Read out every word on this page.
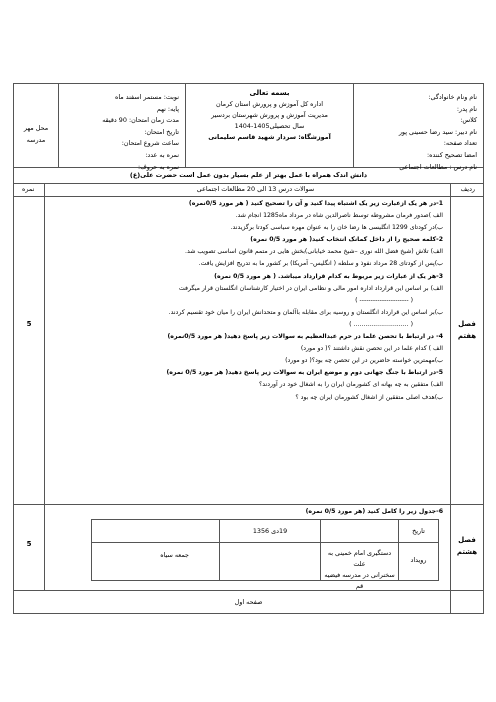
نام ونام خانوادگی:
نام پدر:
کلاس:
نام دبیر: سید رضا حسینی پور
تعداد صفحه:
امضا تصحیح کننده:
نام درس : مطالعات اجتماعی
بسمه تعالی
اداره کل آموزش و پرورش استان کرمان
مدیریت آموزش و پرورش شهرستان بردسیر
سال تحصیلی1405-1404
آموزشگاه: سردار شهید قاسم سلیمانی
نوبت: مستمر اسفند ماه
پایه: نهم
مدت زمان امتحان: 90 دقیقه
تاریخ امتحان:
ساعت شروع امتحان:
نمره به عدد:
نمره به حروف:
محل مهر
مدرسه
دانش اندک همراه با عمل بهتر از علم بسیار بدون عمل است حضرت علی(ع)
ردیف
سوالات درس 13 الی 20 مطالعات اجتماعی
نمره
فصل
هفتم
5
1-در هر یک ازعبارت زیر یک اشتباه پیدا کنید و آن را تصحیح کنید ( هر مورد 0/5نمره)
الف )صدور فرمان مشروطه توسط ناصرالدین شاه در مرداد ماه1285 انجام شد.
ب)در کودتای 1299 انگلیسی ها رضا خان را به عنوان مهره سیاسی کودتا برگزیدند.
2-کلمه صحیح را از داخل کمانک انتخاب کنید( هر مورد 0/5 نمره)
الف) تلاش (شیخ فضل الله نوری –شیخ محمد خیابانی)بخش هایی در متمم قانون اساسی تصویب شد.
ب)پس از کودتای 28 مرداد نفوذ و سلطه ( انگلیس– آمریکا) بر کشور ما به تدریج افزایش یافت.
3-هر یک از عبارات زیر مربوط به کدام قرارداد میباشد. ( هر مورد 0/5 نمره)
الف) بر اساس این قرارداد اداره امور مالی و نظامی ایران در اختیار کارشناسان انگلستان قرار میگرفت
( ---------------------- )
ب)بر اساس این قرارداد انگلستان و روسیه برای مقابله باآلمان و متحدانش ایران را میان خود تقسیم کردند.
( ............................ )
4- در ارتباط با تحصن علما در حرم عبدالعظیم به سوالات زیر پاسخ دهید( هر مورد 0/5نمره)
الف ) کدام علما در این تحصن نقش داشتند ؟( دو مورد)
ب)مهمترین خواسته حاضرین در این تحصن چه بود؟( دو مورد)
5-در ارتباط با جنگ جهانی دوم و موضع ایران به سوالات زیر پاسخ دهید( هر مورد 0/5 نمره)
الف) متفقین به چه بهانه ای کشورمان ایران را به اشغال خود در آوردند؟
ب)هدف اصلی متفقین از اشغال کشورمان ایران چه بود ؟
فصل
هشتم
5
6-جدول زیر را کامل کنید (هر مورد 0/5 نمره)
تاریخ
19دی 1356
رویداد
دستگیری امام خمینی به علت
سخنرانی در مدرسه فیضیه قم
جمعه سیاه
صفحه اول
